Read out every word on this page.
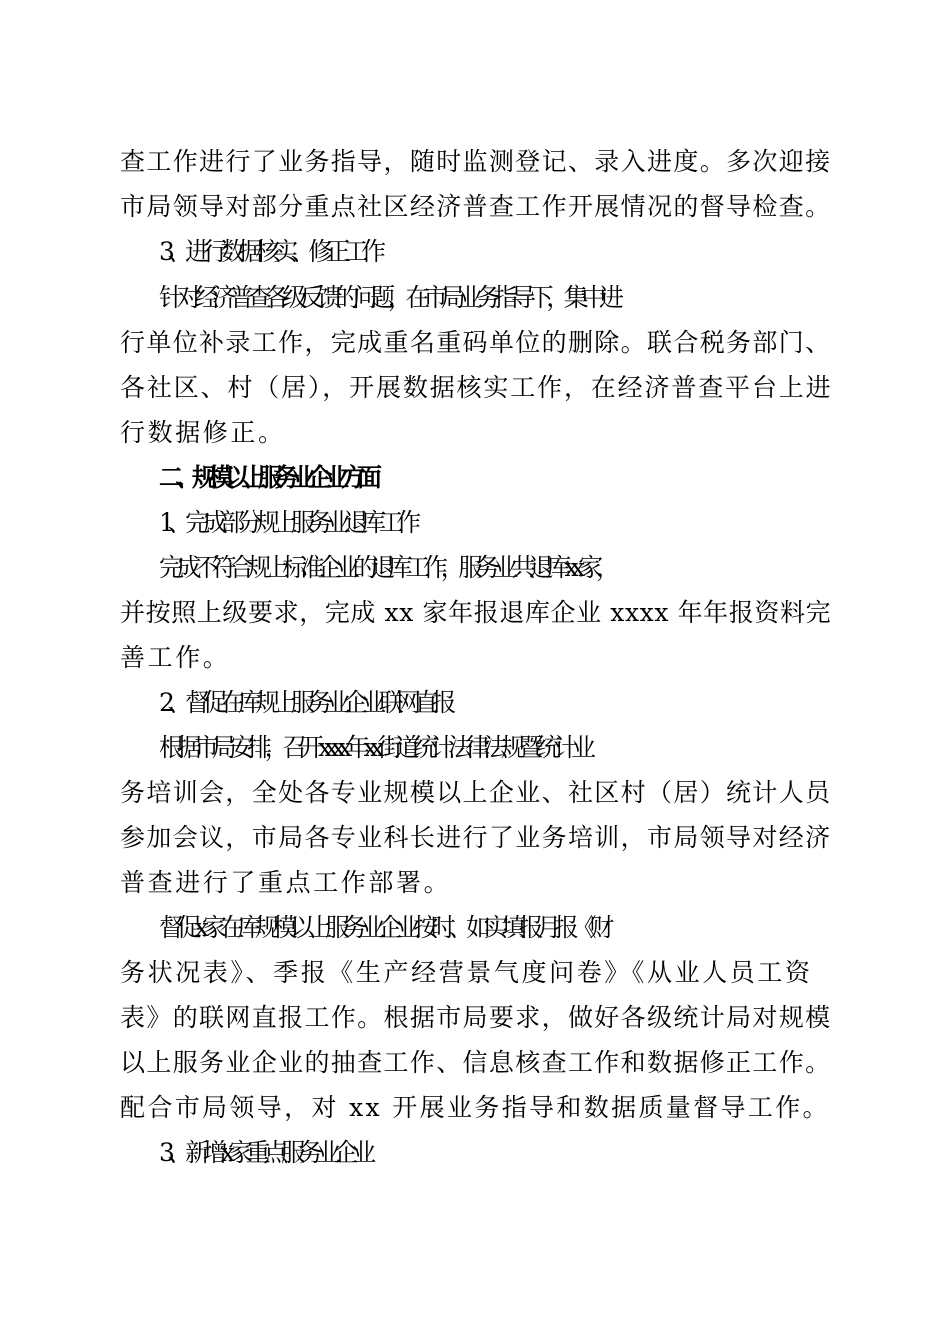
查工作进行了业务指导，随时监测登记、录入进度。多次迎接
市局领导对部分重点社区经济普查工作开展情况的督导检查。
3、进行数据核实、修正工作
针对经济普查各级反馈的问题，在市局业务指导下，集中进
行单位补录工作，完成重名重码单位的删除。联合税务部门、
各社区、村（居），开展数据核实工作，在经济普查平台上进
行数据修正。
二、规模以上服务业企业方面
1、完成部分规上服务业退库工作
完成不符合规上标准企业的退库工作，服务业共退库 xx 家，
并按照上级要求，完成 xx 家年报退库企业 xxxx 年年报资料完
善工作。
2、督促在库规上服务业企业联网直报
根据市局安排，召开 xxxx 年 xx 街道统计法律法规暨统计业
务培训会，全处各专业规模以上企业、社区村（居）统计人员
参加会议，市局各专业科长进行了业务培训，市局领导对经济
普查进行了重点工作部署。
督促 x 家在库规模以上服务业企业按时、如实填报月报《财
务状况表》、季报《生产经营景气度问卷》《从业人员工资
表》的联网直报工作。根据市局要求，做好各级统计局对规模
以上服务业企业的抽查工作、信息核查工作和数据修正工作。
配合市局领导，对 xx 开展业务指导和数据质量督导工作。
3、新增 x 家重点服务业企业
